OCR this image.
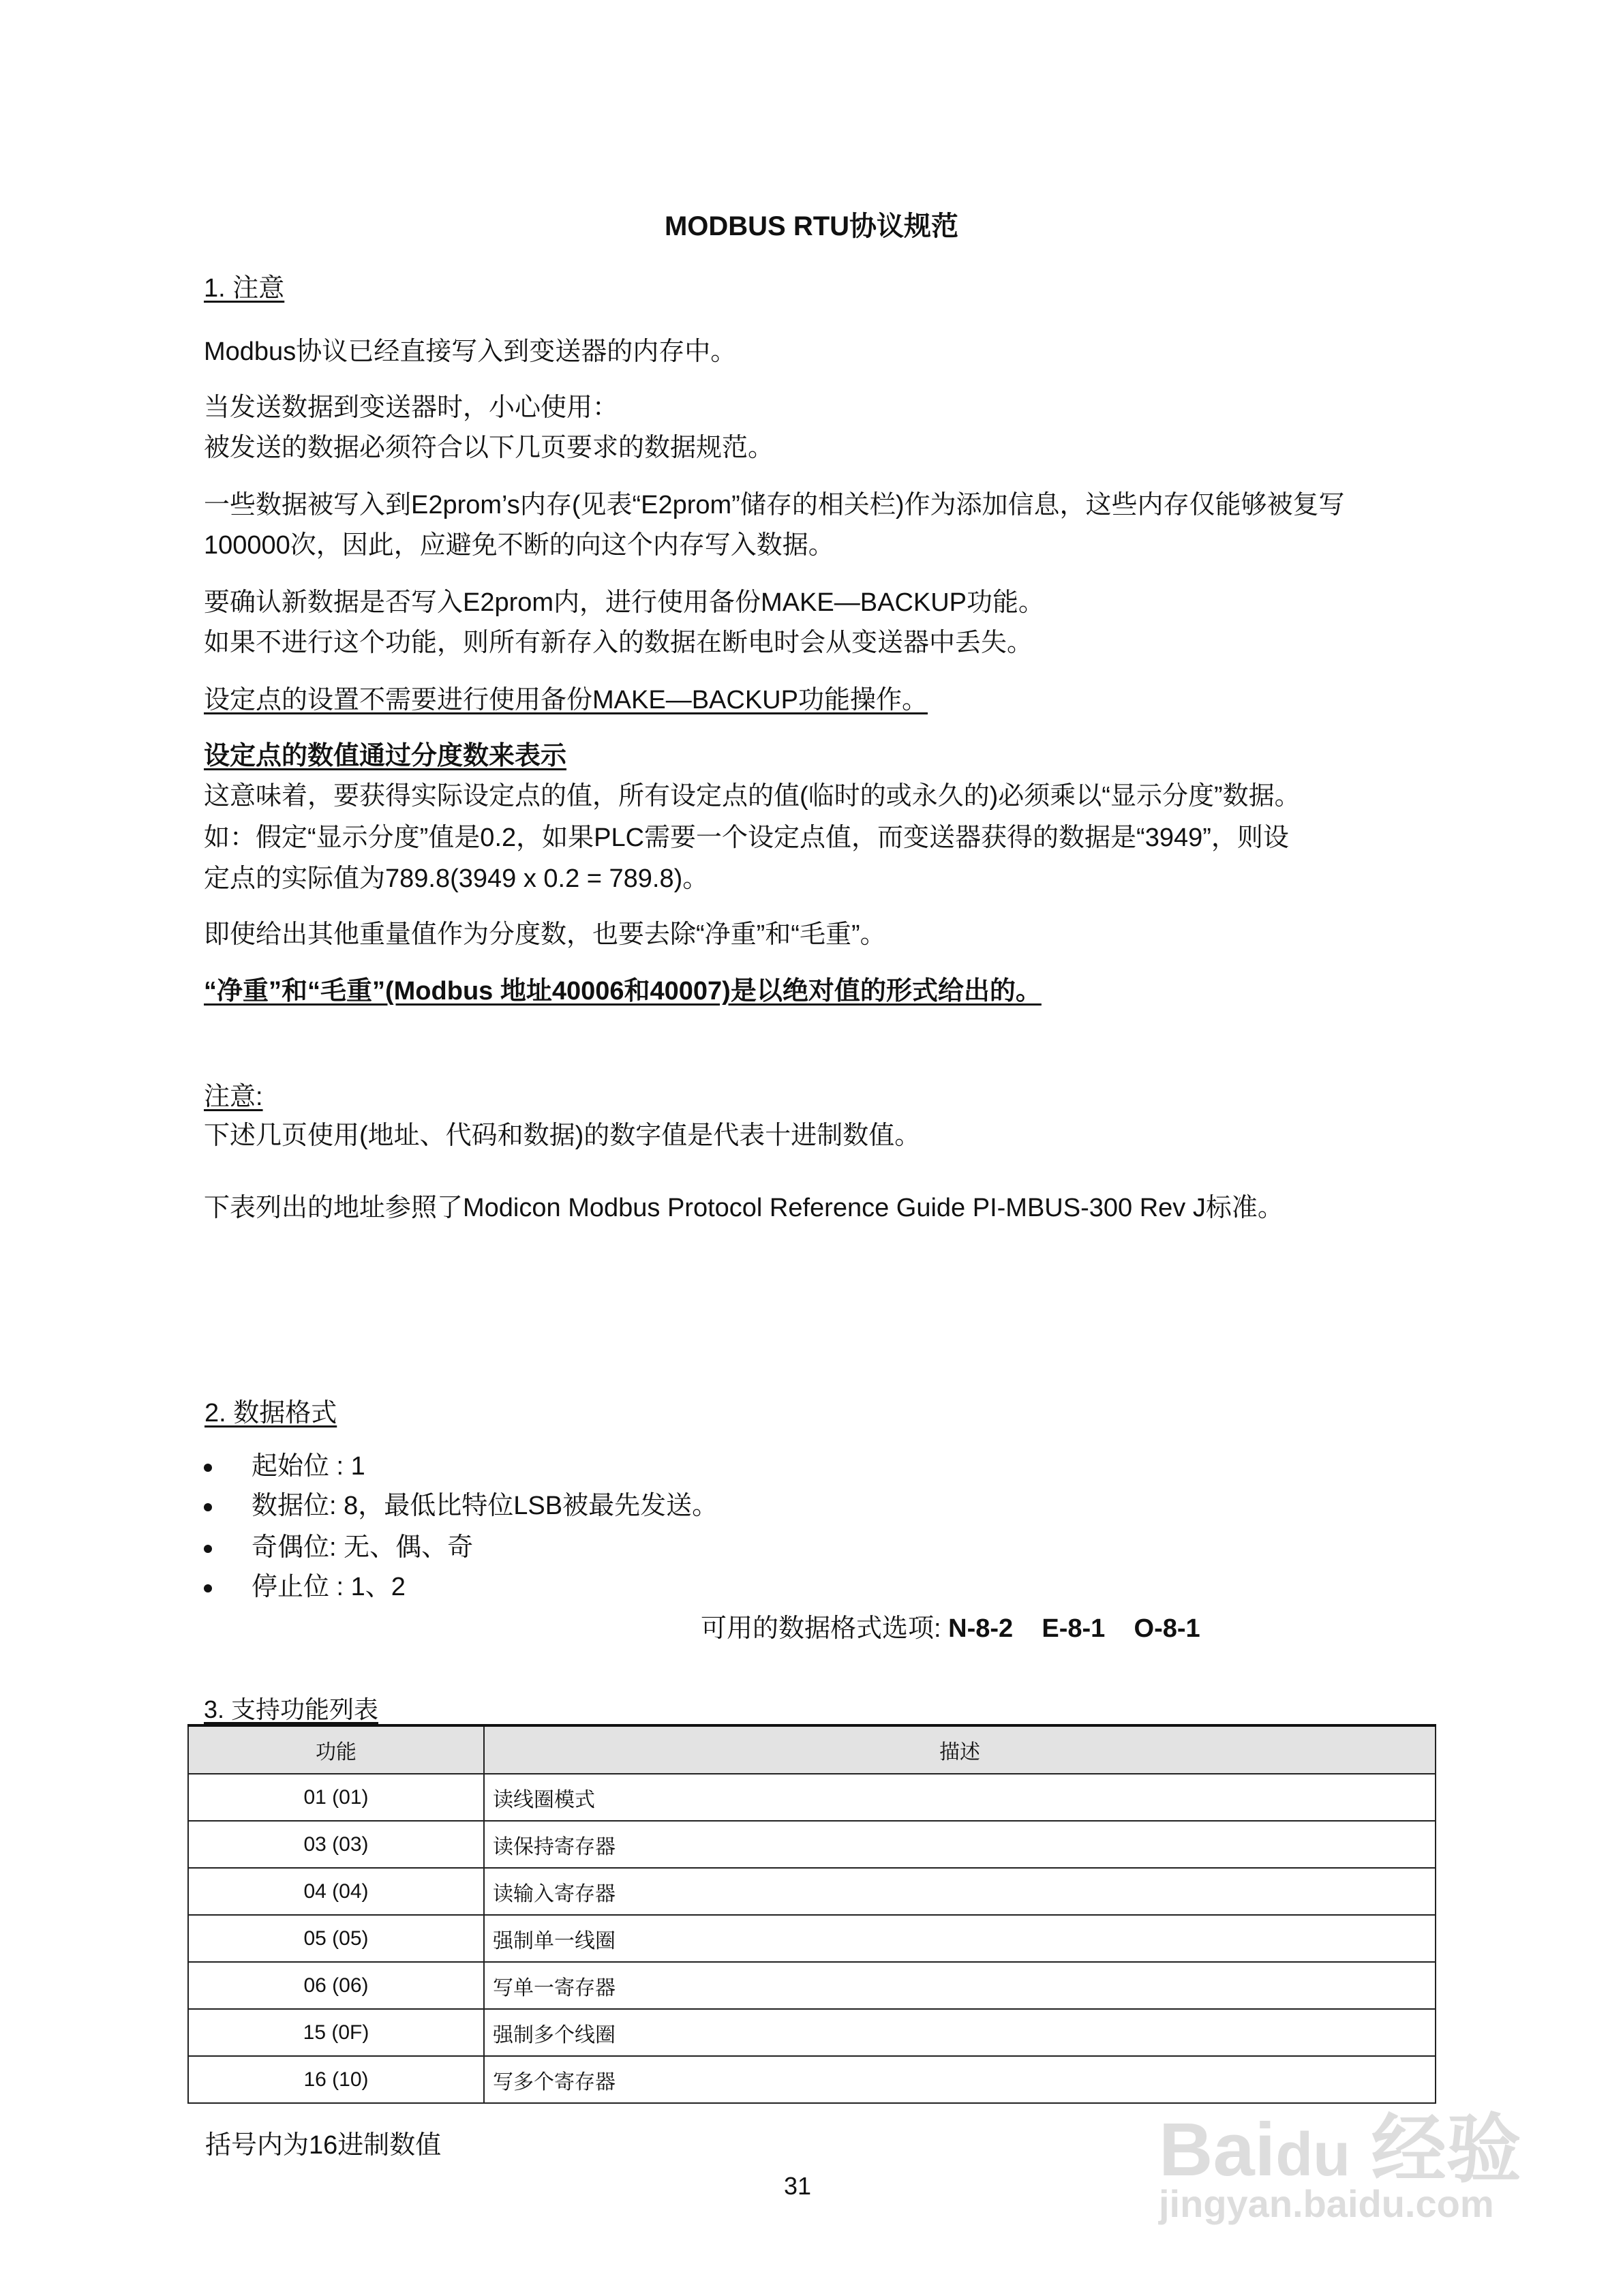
MODBUS RTU协议规范
1. 注意
Modbus协议已经直接写入到变送器的内存中。
当发送数据到变送器时，小心使用：
被发送的数据必须符合以下几页要求的数据规范。
一些数据被写入到E2prom’s内存(见表“E2prom”储存的相关栏)作为添加信息，这些内存仅能够被复写
100000次，因此，应避免不断的向这个内存写入数据。
要确认新数据是否写入E2prom内，进行使用备份MAKE—BACKUP功能。
如果不进行这个功能，则所有新存入的数据在断电时会从变送器中丢失。
设定点的设置不需要进行使用备份MAKE—BACKUP功能操作。
设定点的数值通过分度数来表示
这意味着，要获得实际设定点的值，所有设定点的值(临时的或永久的)必须乘以“显示分度”数据。
如：假定“显示分度”值是0.2，如果PLC需要一个设定点值，而变送器获得的数据是“3949”，则设
定点的实际值为789.8(3949 x 0.2 = 789.8)。
即使给出其他重量值作为分度数，也要去除“净重”和“毛重”。
“净重”和“毛重”(Modbus 地址40006和40007)是以绝对值的形式给出的。
注意:
下述几页使用(地址、代码和数据)的数字值是代表十进制数值。
下表列出的地址参照了Modicon Modbus Protocol Reference Guide PI-MBUS-300 Rev J标准。
2. 数据格式
起始位 : 1
数据位: 8，最低比特位LSB被最先发送。
奇偶位: 无、偶、奇
停止位 : 1、2
可用的数据格式选项: N-8-2    E-8-1    O-8-1
3. 支持功能列表
功能	描述
01 (01)	读线圈模式
03 (03)	读保持寄存器
04 (04)	读输入寄存器
05 (05)	强制单一线圈
06 (06)	写单一寄存器
15 (0F)	强制多个线圈
16 (10)	写多个寄存器
括号内为16进制数值
31	Baidu 经验
jingyan.baidu.com
